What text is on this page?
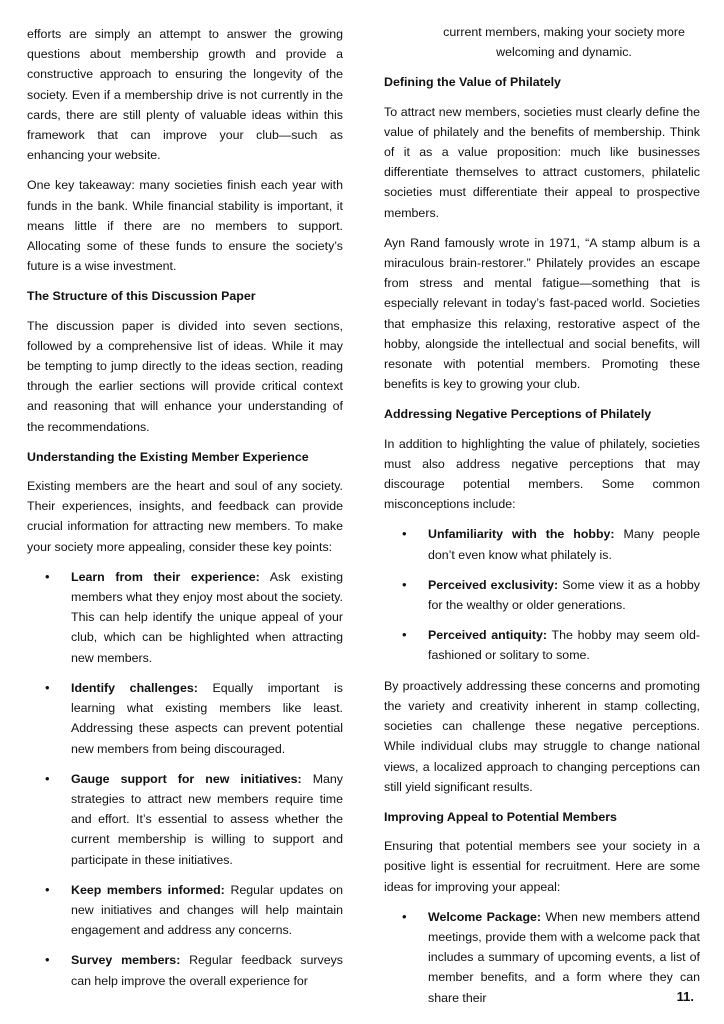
efforts are simply an attempt to answer the growing questions about membership growth and provide a constructive approach to ensuring the longevity of the society. Even if a membership drive is not currently in the cards, there are still plenty of valuable ideas within this framework that can improve your club—such as enhancing your website.

One key takeaway: many societies finish each year with funds in the bank. While financial stability is important, it means little if there are no members to support. Allocating some of these funds to ensure the society’s future is a wise investment.

The Structure of this Discussion Paper

The discussion paper is divided into seven sections, followed by a comprehensive list of ideas. While it may be tempting to jump directly to the ideas section, reading through the earlier sections will provide critical context and reasoning that will enhance your understanding of the recommendations.

Understanding the Existing Member Experience

Existing members are the heart and soul of any society. Their experiences, insights, and feedback can provide crucial information for attracting new members. To make your society more appealing, consider these key points:

• Learn from their experience: Ask existing members what they enjoy most about the society. This can help identify the unique appeal of your club, which can be highlighted when attracting new members.
• Identify challenges: Equally important is learning what existing members like least. Addressing these aspects can prevent potential new members from being discouraged.
• Gauge support for new initiatives: Many strategies to attract new members require time and effort. It’s essential to assess whether the current membership is willing to support and participate in these initiatives.
• Keep members informed: Regular updates on new initiatives and changes will help maintain engagement and address any concerns.
• Survey members: Regular feedback surveys can help improve the overall experience for
current members, making your society more welcoming and dynamic.
Defining the Value of Philately

To attract new members, societies must clearly define the value of philately and the benefits of membership. Think of it as a value proposition: much like businesses differentiate themselves to attract customers, philatelic societies must differentiate their appeal to prospective members.

Ayn Rand famously wrote in 1971, “A stamp album is a miraculous brain-restorer.” Philately provides an escape from stress and mental fatigue—something that is especially relevant in today’s fast-paced world. Societies that emphasize this relaxing, restorative aspect of the hobby, alongside the intellectual and social benefits, will resonate with potential members. Promoting these benefits is key to growing your club.

Addressing Negative Perceptions of Philately

In addition to highlighting the value of philately, societies must also address negative perceptions that may discourage potential members. Some common misconceptions include:

• Unfamiliarity with the hobby: Many people don’t even know what philately is.
• Perceived exclusivity: Some view it as a hobby for the wealthy or older generations.
• Perceived antiquity: The hobby may seem old-fashioned or solitary to some.

By proactively addressing these concerns and promoting the variety and creativity inherent in stamp collecting, societies can challenge these negative perceptions. While individual clubs may struggle to change national views, a localized approach to changing perceptions can still yield significant results.

Improving Appeal to Potential Members

Ensuring that potential members see your society in a positive light is essential for recruitment. Here are some ideas for improving your appeal:

• Welcome Package: When new members attend meetings, provide them with a welcome pack that includes a summary of upcoming events, a list of member benefits, and a form where they can share their	11.
